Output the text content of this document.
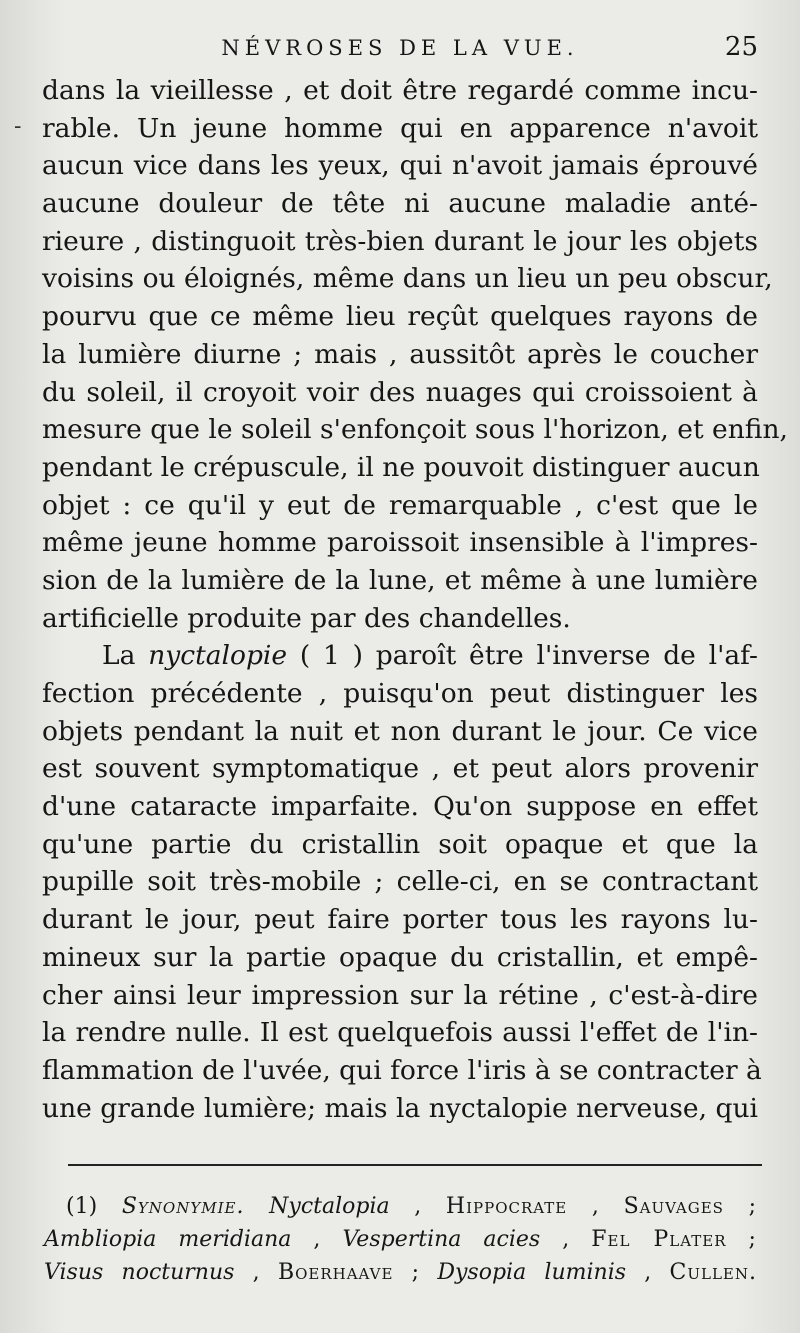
NÉVROSES DE LA VUE.	25
-
dans la vieillesse , et doit être regardé comme incu-
rable. Un jeune homme qui en apparence n'avoit
aucun vice dans les yeux, qui n'avoit jamais éprouvé
aucune douleur de tête ni aucune maladie anté-
rieure , distinguoit très-bien durant le jour les objets
voisins ou éloignés, même dans un lieu un peu obscur,
pourvu que ce même lieu reçût quelques rayons de
la lumière diurne ; mais , aussitôt après le coucher
du soleil, il croyoit voir des nuages qui croissoient à
mesure que le soleil s'enfonçoit sous l'horizon, et enfin,
pendant le crépuscule, il ne pouvoit distinguer aucun
objet : ce qu'il y eut de remarquable , c'est que le
même jeune homme paroissoit insensible à l'impres-
sion de la lumière de la lune, et même à une lumière
artificielle produite par des chandelles.
La nyctalopie ( 1 ) paroît être l'inverse de l'af-
fection précédente , puisqu'on peut distinguer les
objets pendant la nuit et non durant le jour. Ce vice
est souvent symptomatique , et peut alors provenir
d'une cataracte imparfaite. Qu'on suppose en effet
qu'une partie du cristallin soit opaque et que la
pupille soit très-mobile ; celle-ci, en se contractant
durant le jour, peut faire porter tous les rayons lu-
mineux sur la partie opaque du cristallin, et empê-
cher ainsi leur impression sur la rétine , c'est-à-dire
la rendre nulle. Il est quelquefois aussi l'effet de l'in-
flammation de l'uvée, qui force l'iris à se contracter à
une grande lumière; mais la nyctalopie nerveuse, qui
(1) Synonymie. Nyctalopia , Hippocrate , Sauvages ;
Ambliopia meridiana , Vespertina acies , Fel Plater ;
Visus nocturnus , Boerhaave ; Dysopia luminis , Cullen.
